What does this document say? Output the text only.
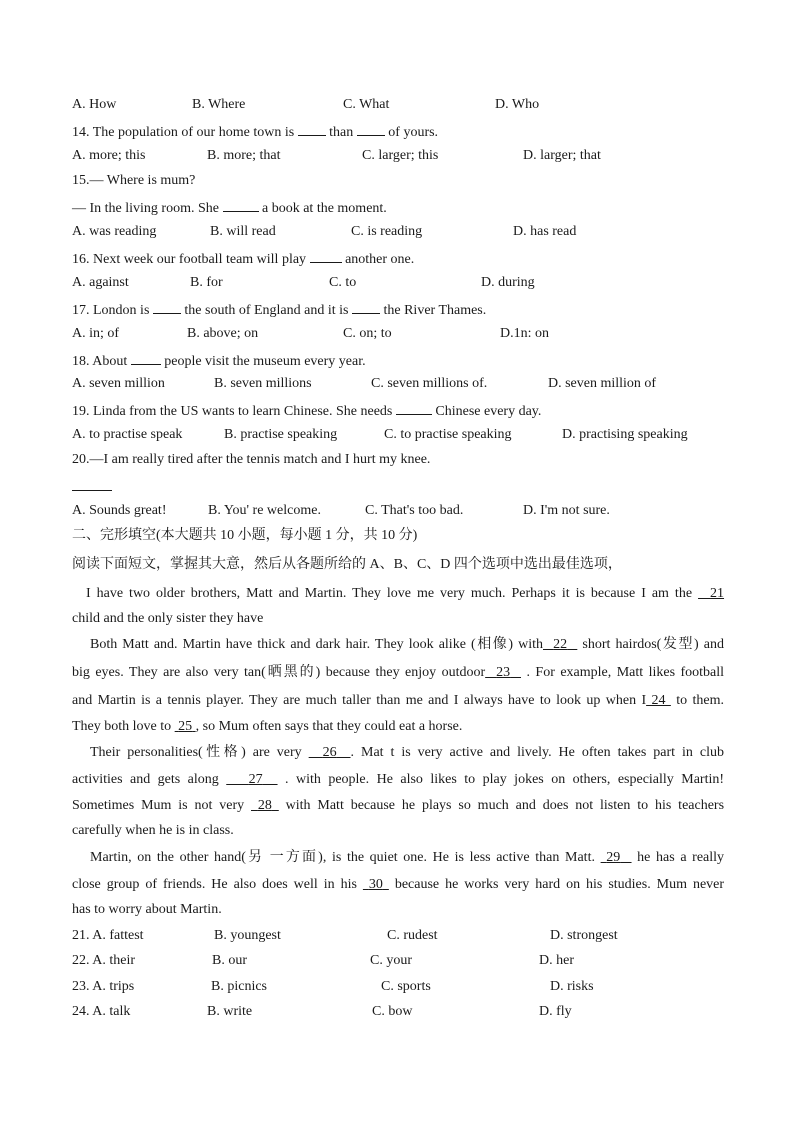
A. How	B. Where	C. What	D. Who
14. The population of our home town is  than  of yours.
A. more; this	B. more; that	C. larger; this	D. larger; that
15.— Where is mum?
— In the living room. She	a book at the moment.
A. was reading	B. will read	C. is reading	D. has read
16. Next week our football team will play  another one.
A. against	B. for	C. to	D. during
17. London is  the south of England and it is  the River Thames.
A. in; of	B. above; on	C. on; to	D.1n: on
18. About  people visit the museum every year.
A. seven million	B. seven millions	C. seven millions of.	D. seven million of
19. Linda from the US wants to learn Chinese. She needs	Chinese every day.
A. to practise speak	B. practise speaking	C. to practise speaking	D. practising speaking
20.—I am really tired after the tennis match and I hurt my knee.
A. Sounds great!	B. You' re welcome.	C. That's too bad.	D. I'm not sure.
二、完形填空(本大题共 10 小题，每小题 1 分，共 10 分)
阅读下面短文，掌握其大意，然后从各题所给的 A、B、C、D 四个选项中选出最佳选项，
I have two older brothers, Matt and Martin. They love me very much. Perhaps it is because I am the 21
child and the only sister they have
Both Matt and. Martin have thick and dark hair. They look alike (相像) with 22 short hairdos(发型) and
big eyes. They are also very tan(晒黑的) because they enjoy outdoor 23 . For example, Matt likes football
and Martin is a tennis player. They are much taller than me and I always have to look up when I 24 to them.
They both love to 25 , so Mum often says that they could eat a horse.
Their personalities(性格) are very 26 . Mat t is very active and lively. He often takes part in club
activities and gets along 27 . with people. He also likes to play jokes on others, especially Martin!
Sometimes Mum is not very 28 with Matt because he plays so much and does not listen to his teachers
carefully when he is in class.
Martin, on the other hand(另 一方面), is the quiet one. He is less active than Matt. 29 he has a really
close group of friends. He also does well in his 30 because he works very hard on his studies. Mum never
has to worry about Martin.
21. A. fattest	B. youngest	C. rudest	D. strongest
22. A. their	B. our	C. your	D. her
23. A. trips	B. picnics	C. sports	D. risks
24. A. talk	B. write	C. bow	D. fly
